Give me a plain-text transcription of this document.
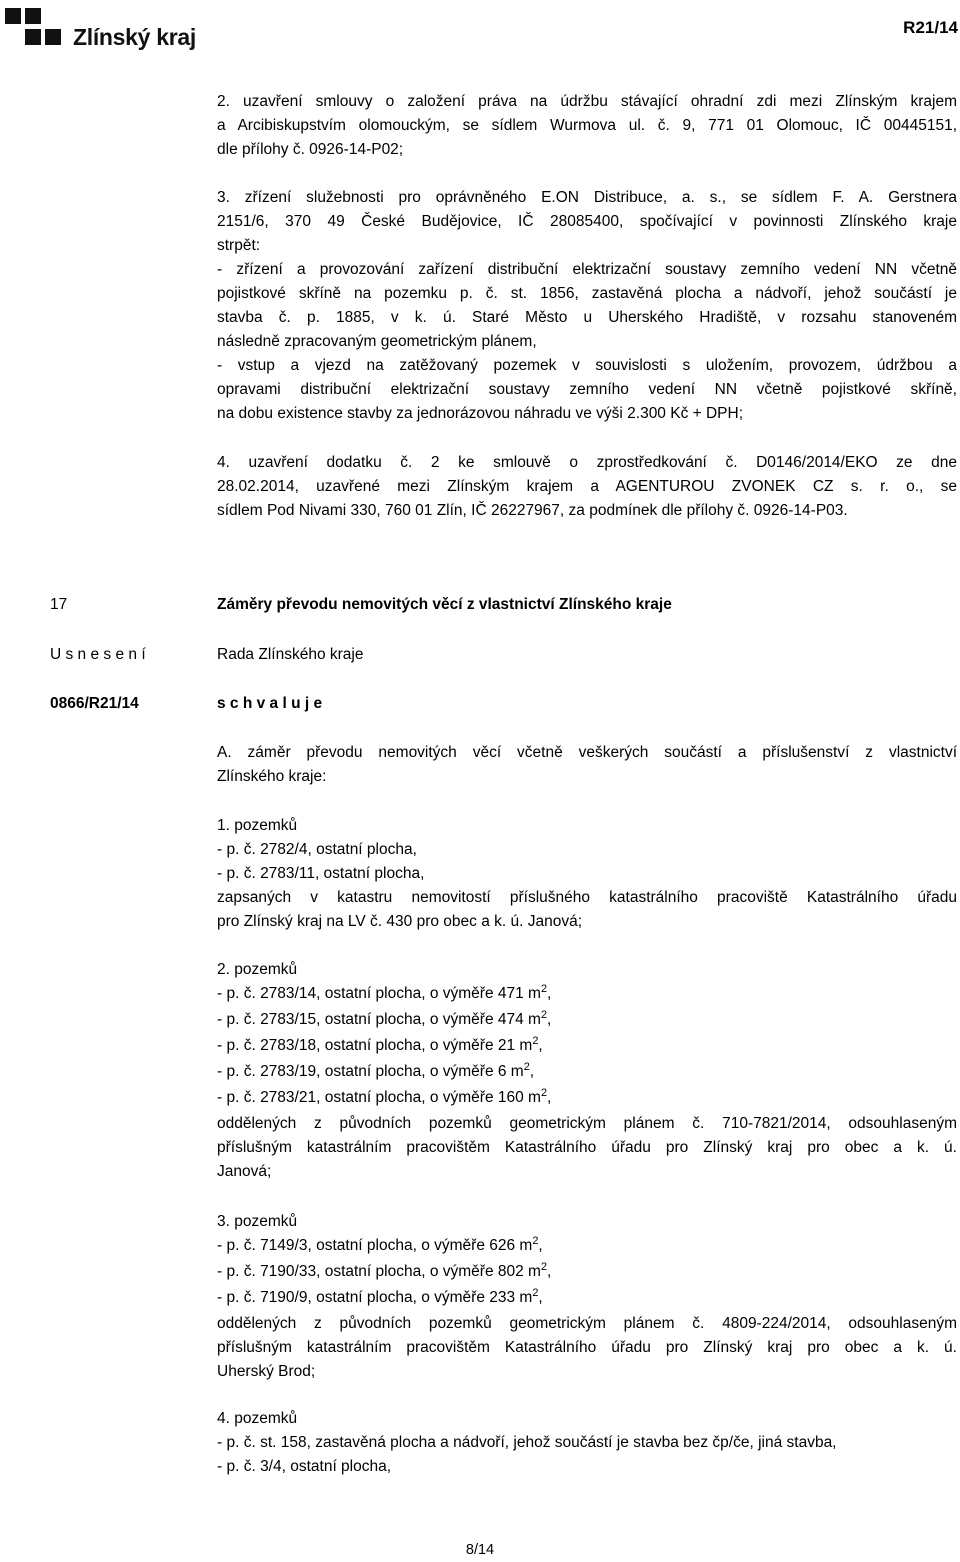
Zlínský kraj	R21/14
2. uzavření smlouvy o založení práva na údržbu stávající ohradní zdi mezi Zlínským krajem
a Arcibiskupstvím olomouckým, se sídlem Wurmova ul. č. 9, 771 01 Olomouc, IČ 00445151,
dle přílohy č. 0926-14-P02;
3. zřízení služebnosti pro oprávněného E.ON Distribuce, a. s., se sídlem F. A. Gerstnera
2151/6, 370 49 České Budějovice, IČ 28085400, spočívající v povinnosti Zlínského kraje
strpět:
- zřízení a provozování zařízení distribuční elektrizační soustavy zemního vedení NN včetně
pojistkové skříně na pozemku p. č. st. 1856, zastavěná plocha a nádvoří, jehož součástí je
stavba č. p. 1885, v k. ú. Staré Město u Uherského Hradiště, v rozsahu stanoveném
následně zpracovaným geometrickým plánem,
- vstup a vjezd na zatěžovaný pozemek v souvislosti s uložením, provozem, údržbou a
opravami distribuční elektrizační soustavy zemního vedení NN včetně pojistkové skříně,
na dobu existence stavby za jednorázovou náhradu ve výši 2.300 Kč + DPH;
4. uzavření dodatku č. 2 ke smlouvě o zprostředkování č. D0146/2014/EKO ze dne
28.02.2014, uzavřené mezi Zlínským krajem a AGENTUROU ZVONEK CZ s. r. o., se
sídlem Pod Nivami 330, 760 01 Zlín, IČ 26227967, za podmínek dle přílohy č. 0926-14-P03.
17	Záměry převodu nemovitých věcí z vlastnictví Zlínského kraje
U s n e s e n í	Rada Zlínského kraje
0866/R21/14	s c h v a l u j e
A. záměr převodu nemovitých věcí včetně veškerých součástí a příslušenství z vlastnictví
Zlínského kraje:
1. pozemků
- p. č. 2782/4, ostatní plocha,
- p. č. 2783/11, ostatní plocha,
zapsaných v katastru nemovitostí příslušného katastrálního pracoviště Katastrálního úřadu
pro Zlínský kraj na LV č. 430 pro obec a k. ú. Janová;
2. pozemků
- p. č. 2783/14, ostatní plocha, o výměře 471 $m^2$,
- p. č. 2783/15, ostatní plocha, o výměře 474 $m^2$,
- p. č. 2783/18, ostatní plocha, o výměře 21 $m^2$,
- p. č. 2783/19, ostatní plocha, o výměře 6 $m^2$,
- p. č. 2783/21, ostatní plocha, o výměře 160 $m^2$,
oddělených z původních pozemků geometrickým plánem č. 710-7821/2014, odsouhlaseným
příslušným katastrálním pracovištěm Katastrálního úřadu pro Zlínský kraj pro obec a k. ú.
Janová;
3. pozemků
- p. č. 7149/3, ostatní plocha, o výměře 626 $m^2$,
- p. č. 7190/33, ostatní plocha, o výměře 802 $m^2$,
- p. č. 7190/9, ostatní plocha, o výměře 233 $m^2$,
oddělených z původních pozemků geometrickým plánem č. 4809-224/2014, odsouhlaseným
příslušným katastrálním pracovištěm Katastrálního úřadu pro Zlínský kraj pro obec a k. ú.
Uherský Brod;
4. pozemků
- p. č. st. 158, zastavěná plocha a nádvoří, jehož součástí je stavba bez čp/če, jiná stavba,
- p. č. 3/4, ostatní plocha,
8/14
